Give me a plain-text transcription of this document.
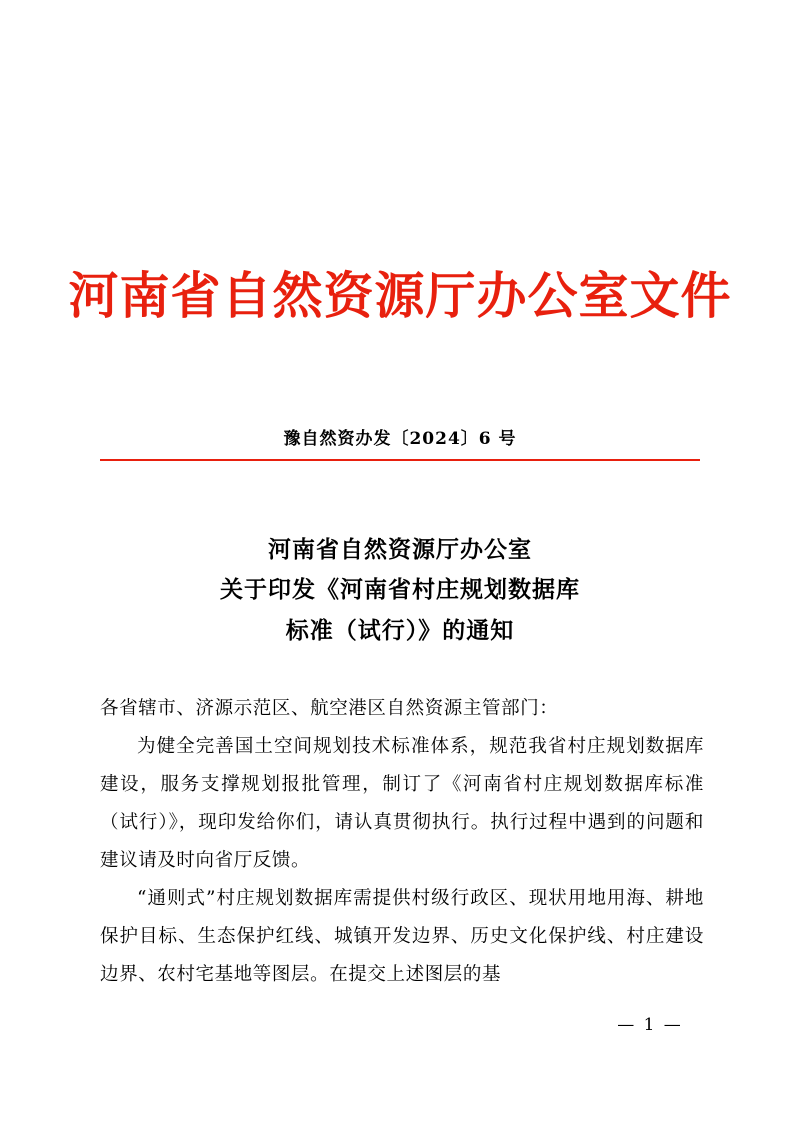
河南省自然资源厅办公室文件
豫自然资办发〔2024〕6 号
河南省自然资源厅办公室
关于印发《河南省村庄规划数据库
标准（试行）》的通知

各省辖市、济源示范区、航空港区自然资源主管部门：

为健全完善国土空间规划技术标准体系，规范我省村庄规划数据库建设，服务支撑规划报批管理，制订了《河南省村庄规划数据库标准（试行）》，现印发给你们，请认真贯彻执行。执行过程中遇到的问题和建议请及时向省厅反馈。

“通则式”村庄规划数据库需提供村级行政区、现状用地用海、耕地保护目标、生态保护红线、城镇开发边界、历史文化保护线、村庄建设边界、农村宅基地等图层。在提交上述图层的基

— 1 —
